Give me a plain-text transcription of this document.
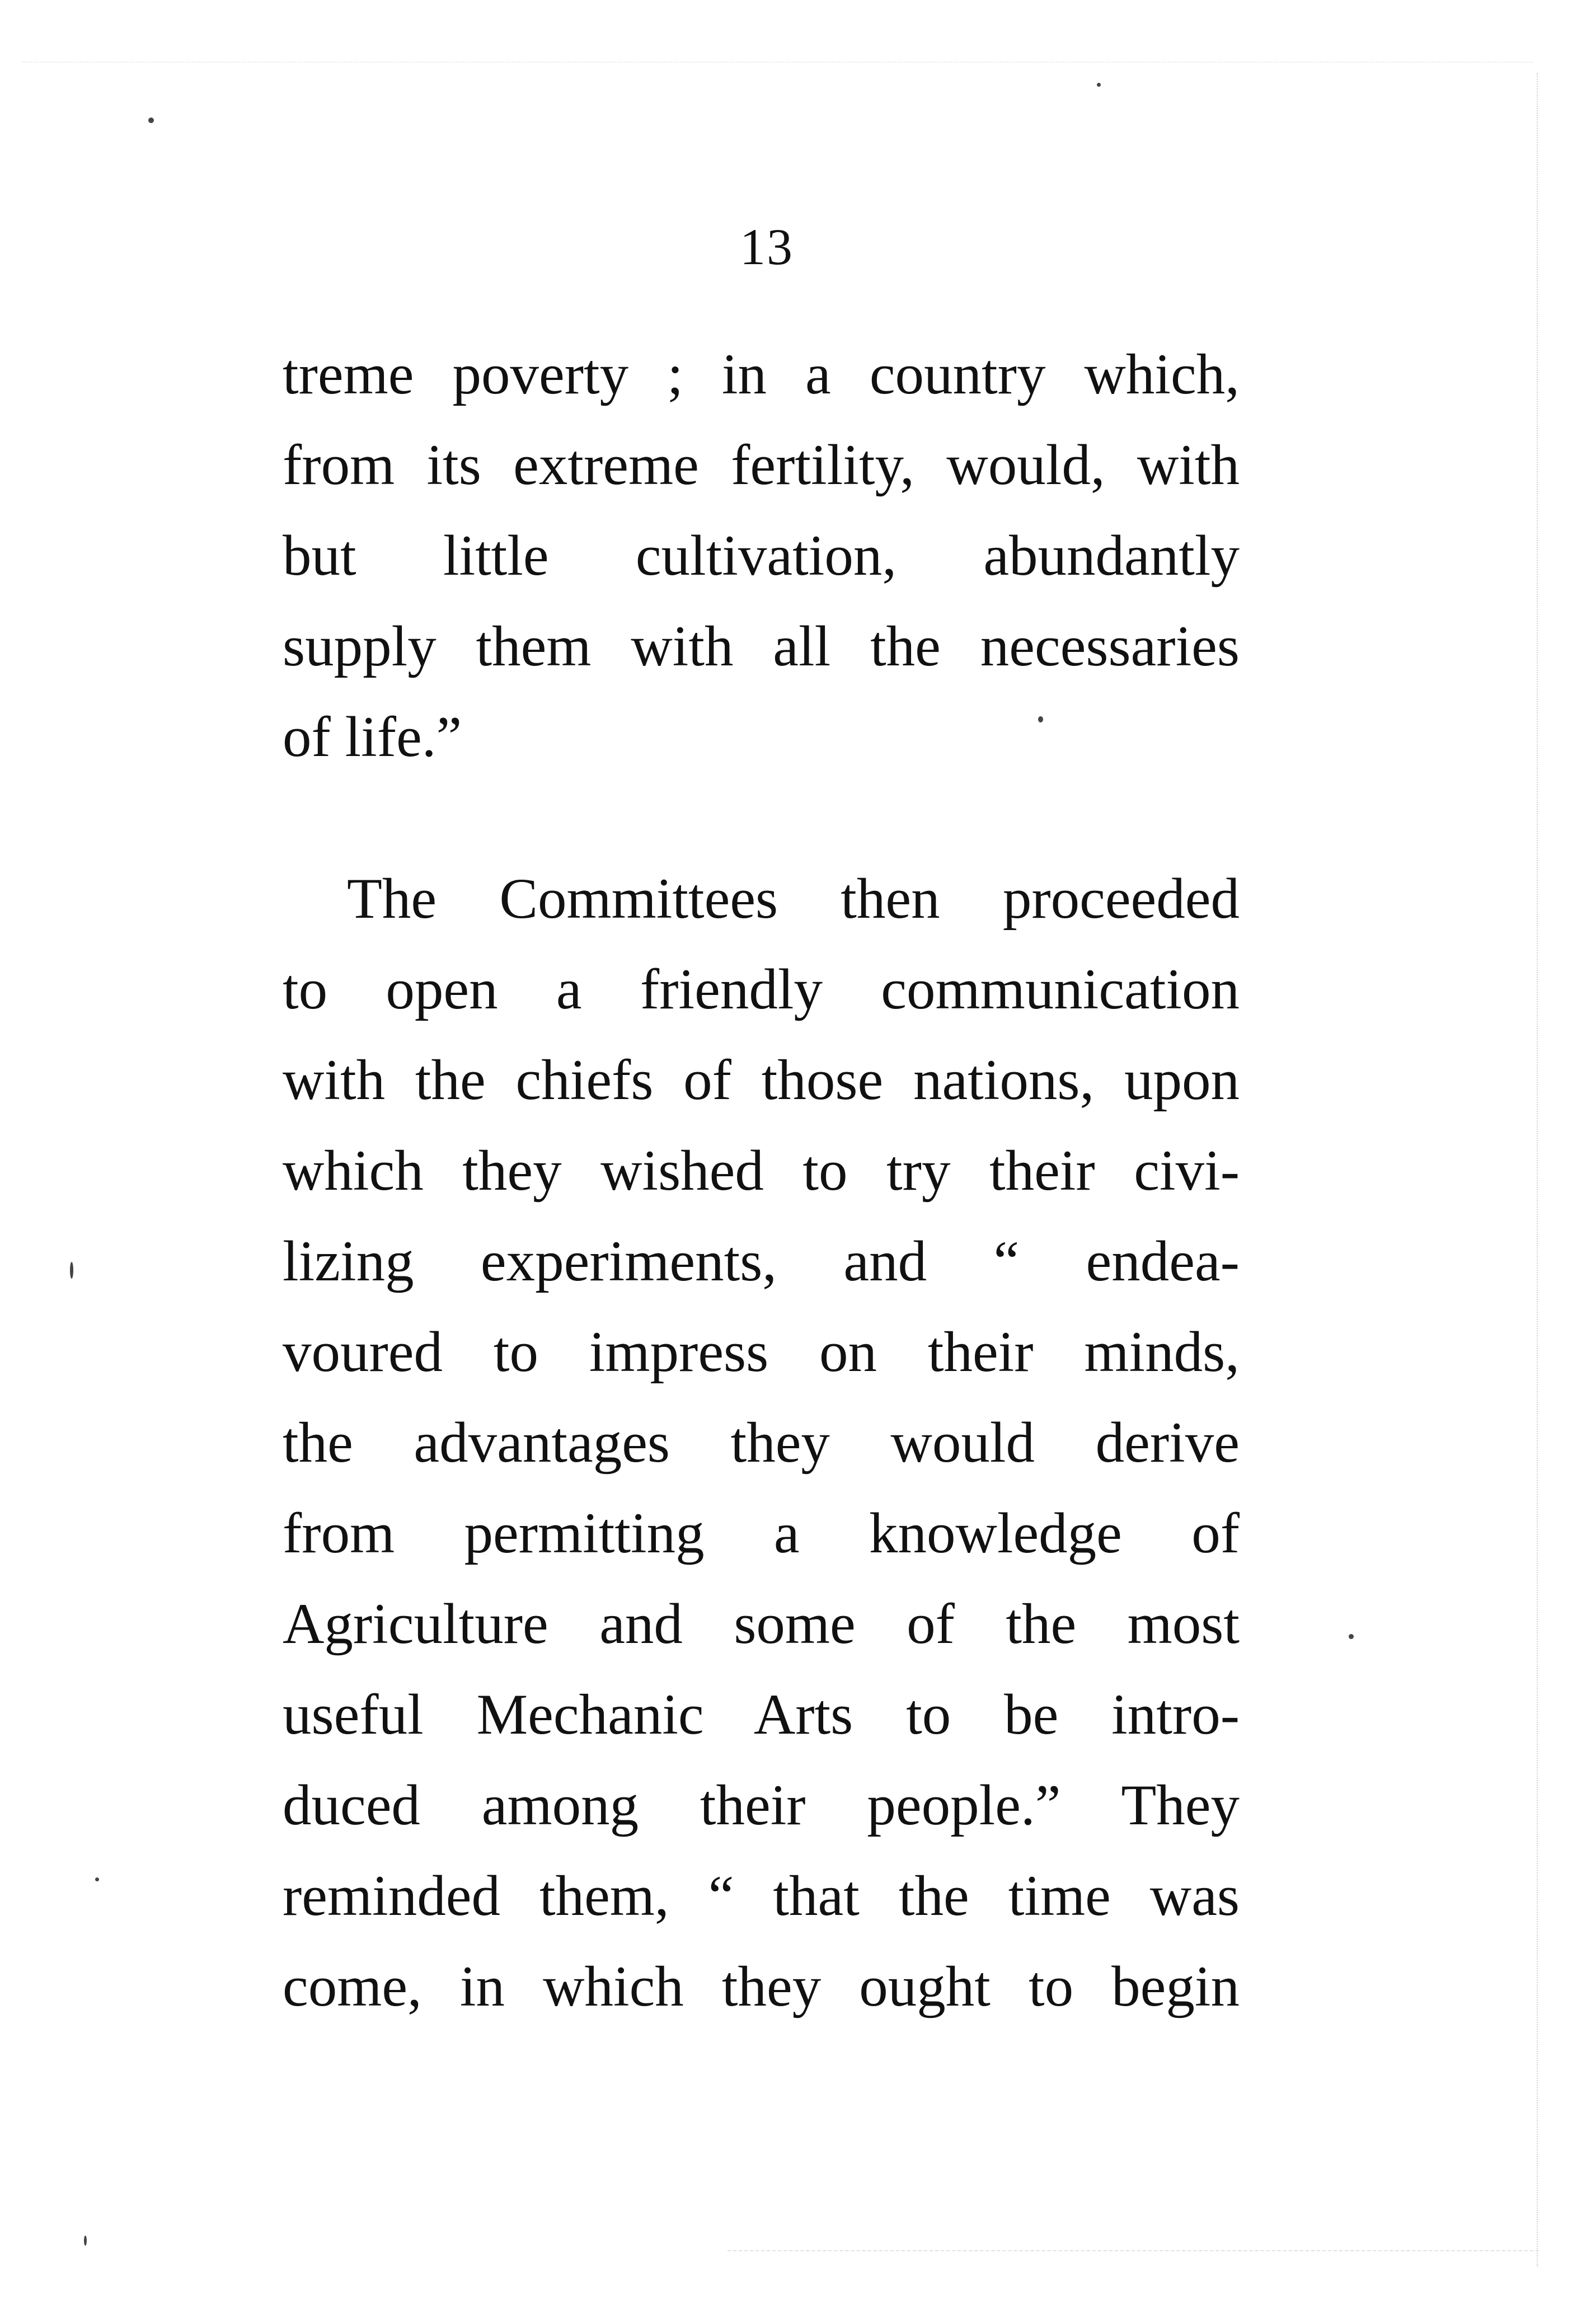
13
treme poverty ; in a country which,
from its extreme fertility, would, with
but little cultivation, abundantly
supply them with all the necessaries
of life.”
The Committees then proceeded
to open a friendly communication
with the chiefs of those nations, upon
which they wished to try their civi-
lizing experiments, and “ endea-
voured to impress on their minds,
the advantages they would derive
from permitting a knowledge of
Agriculture and some of the most
useful Mechanic Arts to be intro-
duced among their people.” They
reminded them, “ that the time was
come, in which they ought to begin
